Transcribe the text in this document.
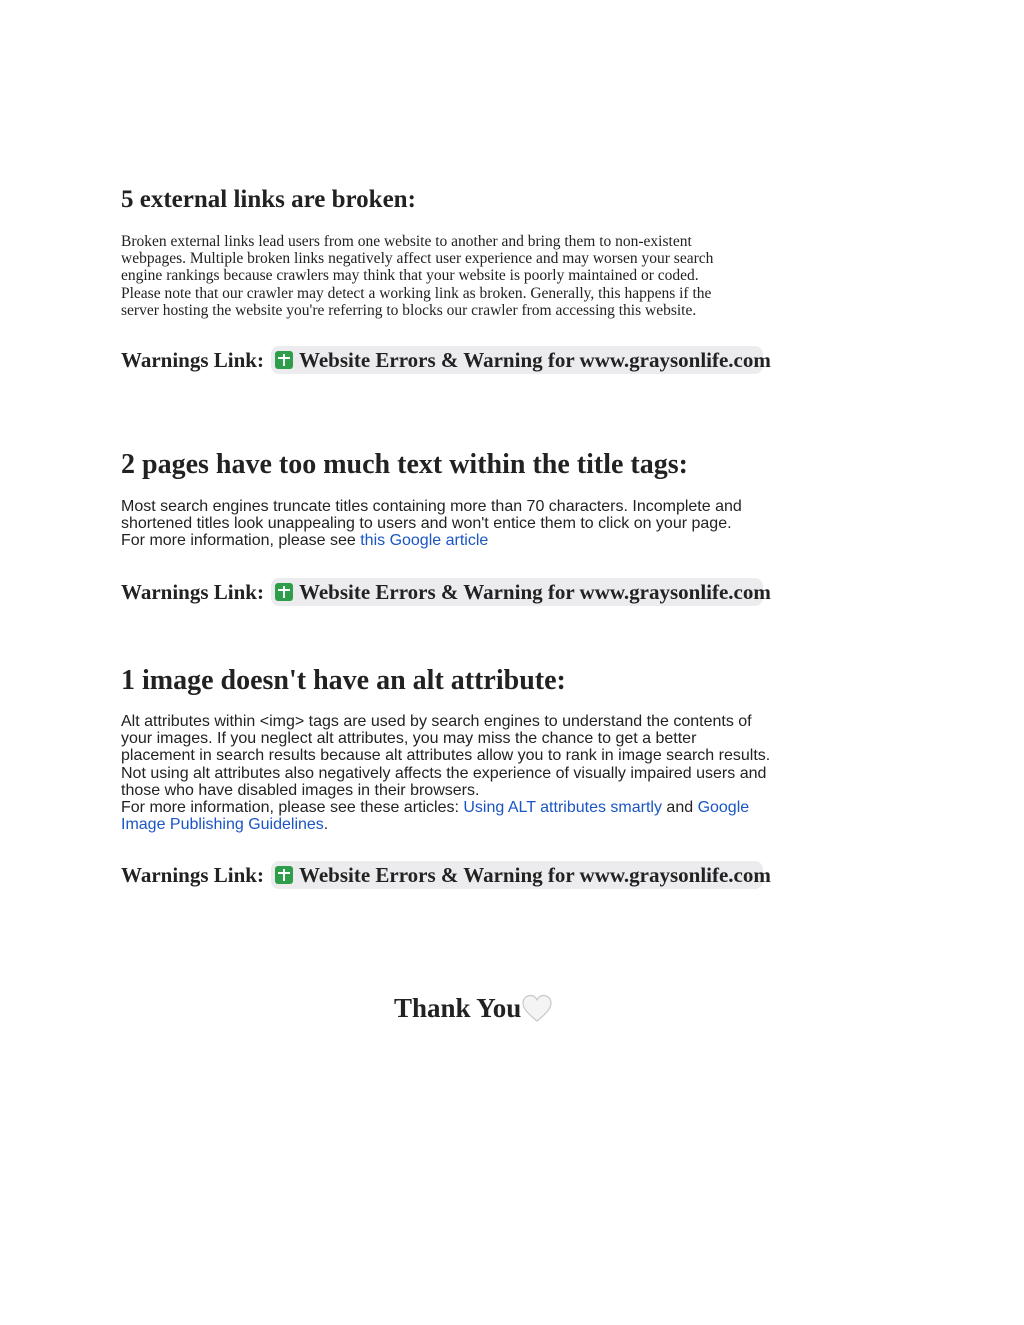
5 external links are broken:
Broken external links lead users from one website to another and bring them to non-existent
webpages. Multiple broken links negatively affect user experience and may worsen your search
engine rankings because crawlers may think that your website is poorly maintained or coded.
Please note that our crawler may detect a working link as broken. Generally, this happens if the
server hosting the website you're referring to blocks our crawler from accessing this website.
Warnings Link: Website Errors & Warning for www.graysonlife.com
2 pages have too much text within the title tags:
Most search engines truncate titles containing more than 70 characters. Incomplete and
shortened titles look unappealing to users and won't entice them to click on your page.
For more information, please see this Google article
Warnings Link: Website Errors & Warning for www.graysonlife.com
1 image doesn't have an alt attribute:
Alt attributes within <img> tags are used by search engines to understand the contents of
your images. If you neglect alt attributes, you may miss the chance to get a better
placement in search results because alt attributes allow you to rank in image search results.
Not using alt attributes also negatively affects the experience of visually impaired users and
those who have disabled images in their browsers.
For more information, please see these articles: Using ALT attributes smartly and Google
Image Publishing Guidelines.
Warnings Link: Website Errors & Warning for www.graysonlife.com
Thank You
